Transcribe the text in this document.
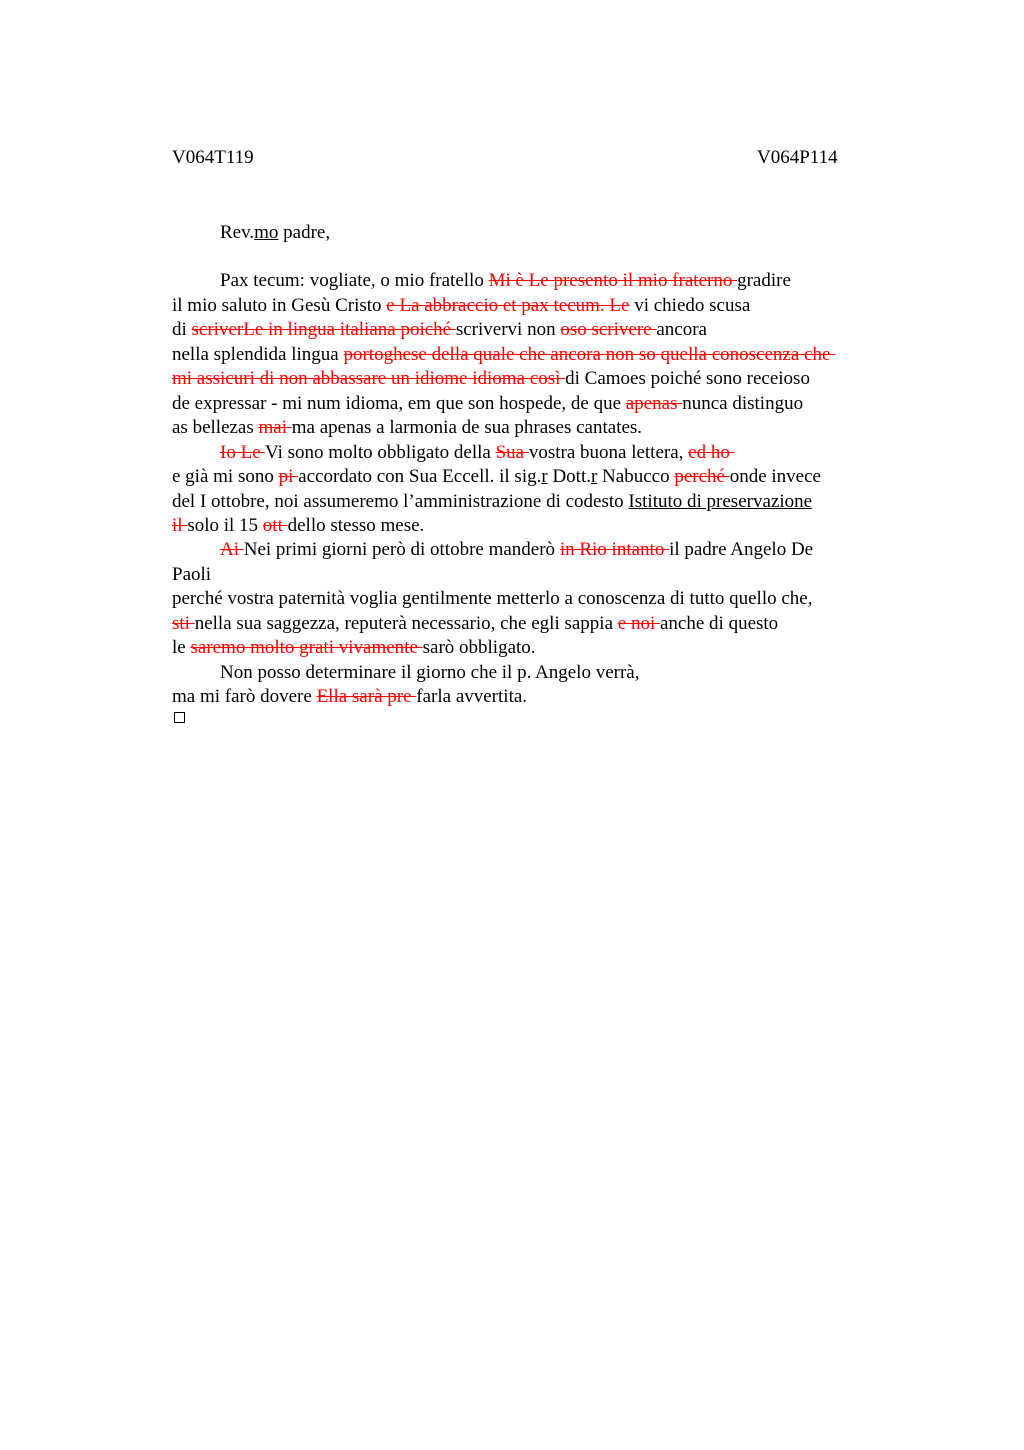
V064T119	V064P114
Rev.mo padre,
Pax tecum: vogliate, o mio fratello Mi è Le presento il mio fraterno gradire
il mio saluto in Gesù Cristo e La abbraccio et pax tecum. Le vi chiedo scusa
di scriverLe in lingua italiana poiché scrivervi non oso scrivere ancora
nella splendida lingua portoghese della quale che ancora non so quella conoscenza che
mi assicuri di non abbassare un idiome idioma così di Camoes poiché sono receioso
de expressar - mi num idioma, em que son hospede, de que apenas nunca distinguo
as bellezas mai ma apenas a larmonia de sua phrases cantates.
Io Le Vi sono molto obbligato della Sua vostra buona lettera, ed ho
e già mi sono pi accordato con Sua Eccell. il sig.r Dott.r Nabucco perché onde invece
del I ottobre, noi assumeremo l’amministrazione di codesto Istituto di preservazione
il solo il 15 ott dello stesso mese.
Ai Nei primi giorni però di ottobre manderò in Rio intanto il padre Angelo De
Paoli
perché vostra paternità voglia gentilmente metterlo a conoscenza di tutto quello che,
sti nella sua saggezza, reputerà necessario, che egli sappia e noi anche di questo
le saremo molto grati vivamente sarò obbligato.
Non posso determinare il giorno che il p. Angelo verrà,
ma mi farò dovere Ella sarà pre farla avvertita.
